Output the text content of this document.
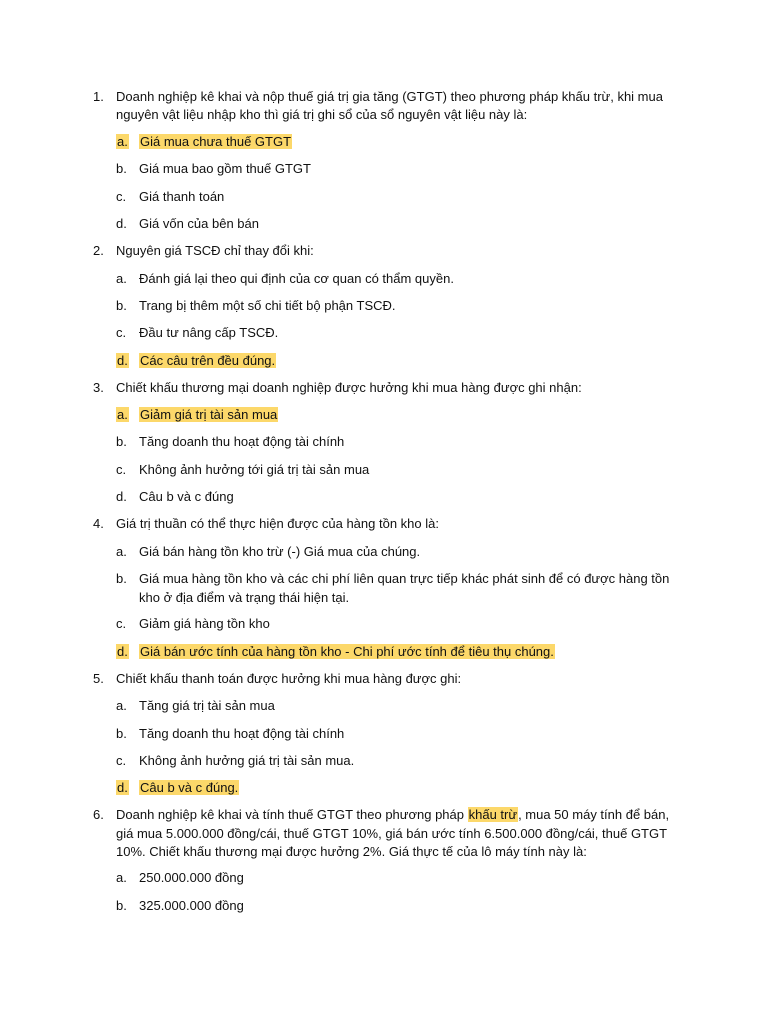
1. Doanh nghiệp kê khai và nộp thuế giá trị gia tăng (GTGT) theo phương pháp khấu trừ, khi mua
nguyên vật liệu nhập kho thì giá trị ghi sổ của sổ nguyên vật liệu này là:
a. Giá mua chưa thuế GTGT
b. Giá mua bao gồm thuế GTGT
c. Giá thanh toán
d. Giá vốn của bên bán
2. Nguyên giá TSCĐ chỉ thay đổi khi:
a. Đánh giá lại theo qui định của cơ quan có thẩm quyền.
b. Trang bị thêm một số chi tiết bộ phận TSCĐ.
c. Đầu tư nâng cấp TSCĐ.
d. Các câu trên đều đúng.
3. Chiết khấu thương mại doanh nghiệp được hưởng khi mua hàng được ghi nhận:
a. Giảm giá trị tài sản mua
b. Tăng doanh thu hoạt động tài chính
c. Không ảnh hưởng tới giá trị tài sản mua
d. Câu b và c đúng
4. Giá trị thuần có thể thực hiện được của hàng tồn kho là:
a. Giá bán hàng tồn kho trừ (-) Giá mua của chúng.
b. Giá mua hàng tồn kho và các chi phí liên quan trực tiếp khác phát sinh để có được hàng tồn
kho ở địa điểm và trạng thái hiện tại.
c. Giảm giá hàng tồn kho
d. Giá bán ước tính của hàng tồn kho - Chi phí ước tính để tiêu thụ chúng.
5. Chiết khấu thanh toán được hưởng khi mua hàng được ghi:
a. Tăng giá trị tài sản mua
b. Tăng doanh thu hoạt động tài chính
c. Không ảnh hưởng giá trị tài sản mua.
d. Câu b và c đúng.
6. Doanh nghiệp kê khai và tính thuế GTGT theo phương pháp khấu trừ, mua 50 máy tính để bán,
giá mua 5.000.000 đồng/cái, thuế GTGT 10%, giá bán ước tính 6.500.000 đồng/cái, thuế GTGT
10%. Chiết khấu thương mại được hưởng 2%. Giá thực tế của lô máy tính này là:
a. 250.000.000 đồng
b. 325.000.000 đồng
